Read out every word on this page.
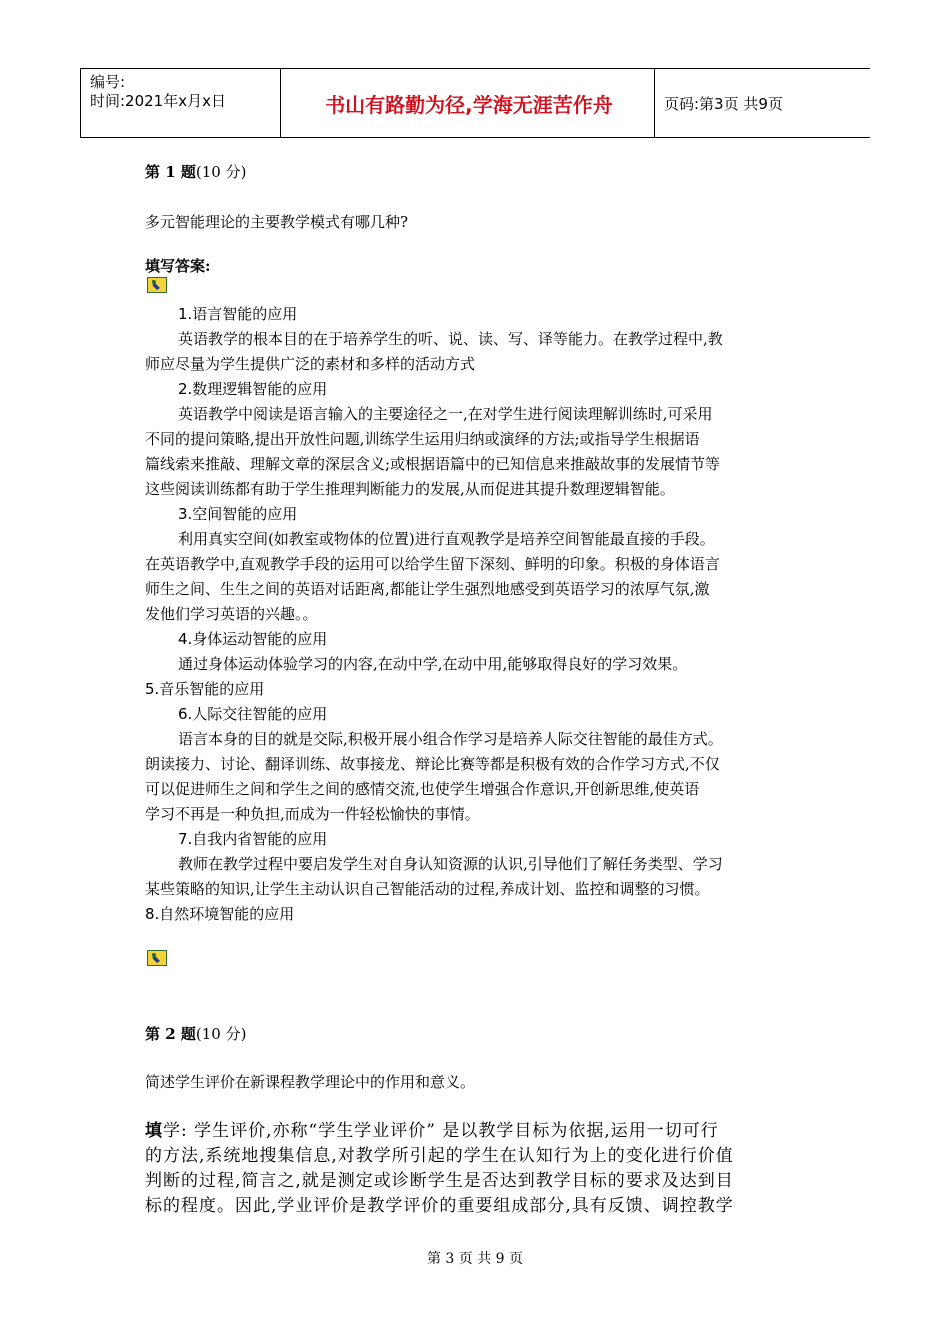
编号:
时间:2021年x月x日	书山有路勤为径,学海无涯苦作舟	页码:第3页 共9页
第 1 题(10 分)
多元智能理论的主要教学模式有哪几种?
填写答案:
1.语言智能的应用
英语教学的根本目的在于培养学生的听、说、读、写、译等能力。在教学过程中,教
师应尽量为学生提供广泛的素材和多样的活动方式
2.数理逻辑智能的应用
英语教学中阅读是语言输入的主要途径之一,在对学生进行阅读理解训练时,可采用
不同的提问策略,提出开放性问题,训练学生运用归纳或演绎的方法;或指导学生根据语
篇线索来推敲、理解文章的深层含义;或根据语篇中的已知信息来推敲故事的发展情节等
这些阅读训练都有助于学生推理判断能力的发展,从而促进其提升数理逻辑智能。
3.空间智能的应用
利用真实空间(如教室或物体的位置)进行直观教学是培养空间智能最直接的手段。
在英语教学中,直观教学手段的运用可以给学生留下深刻、鲜明的印象。积极的身体语言
师生之间、生生之间的英语对话距离,都能让学生强烈地感受到英语学习的浓厚气氛,激
发他们学习英语的兴趣。。
4.身体运动智能的应用
通过身体运动体验学习的内容,在动中学,在动中用,能够取得良好的学习效果。
5.音乐智能的应用
6.人际交往智能的应用
语言本身的目的就是交际,积极开展小组合作学习是培养人际交往智能的最佳方式。
朗读接力、讨论、翻译训练、故事接龙、辩论比赛等都是积极有效的合作学习方式,不仅
可以促进师生之间和学生之间的感情交流,也使学生增强合作意识,开创新思维,使英语
学习不再是一种负担,而成为一件轻松愉快的事情。
7.自我内省智能的应用
教师在教学过程中要启发学生对自身认知资源的认识,引导他们了解任务类型、学习
某些策略的知识,让学生主动认识自己智能活动的过程,养成计划、监控和调整的习惯。
8.自然环境智能的应用
第 2 题(10 分)
简述学生评价在新课程教学理论中的作用和意义。
填学: 学生评价,亦称“学生学业评价” 是以教学目标为依据,运用一切可行
的方法,系统地搜集信息,对教学所引起的学生在认知行为上的变化进行价值
判断的过程,简言之,就是测定或诊断学生是否达到教学目标的要求及达到目
标的程度。因此,学业评价是教学评价的重要组成部分,具有反馈、调控教学
第 3 页 共 9 页
